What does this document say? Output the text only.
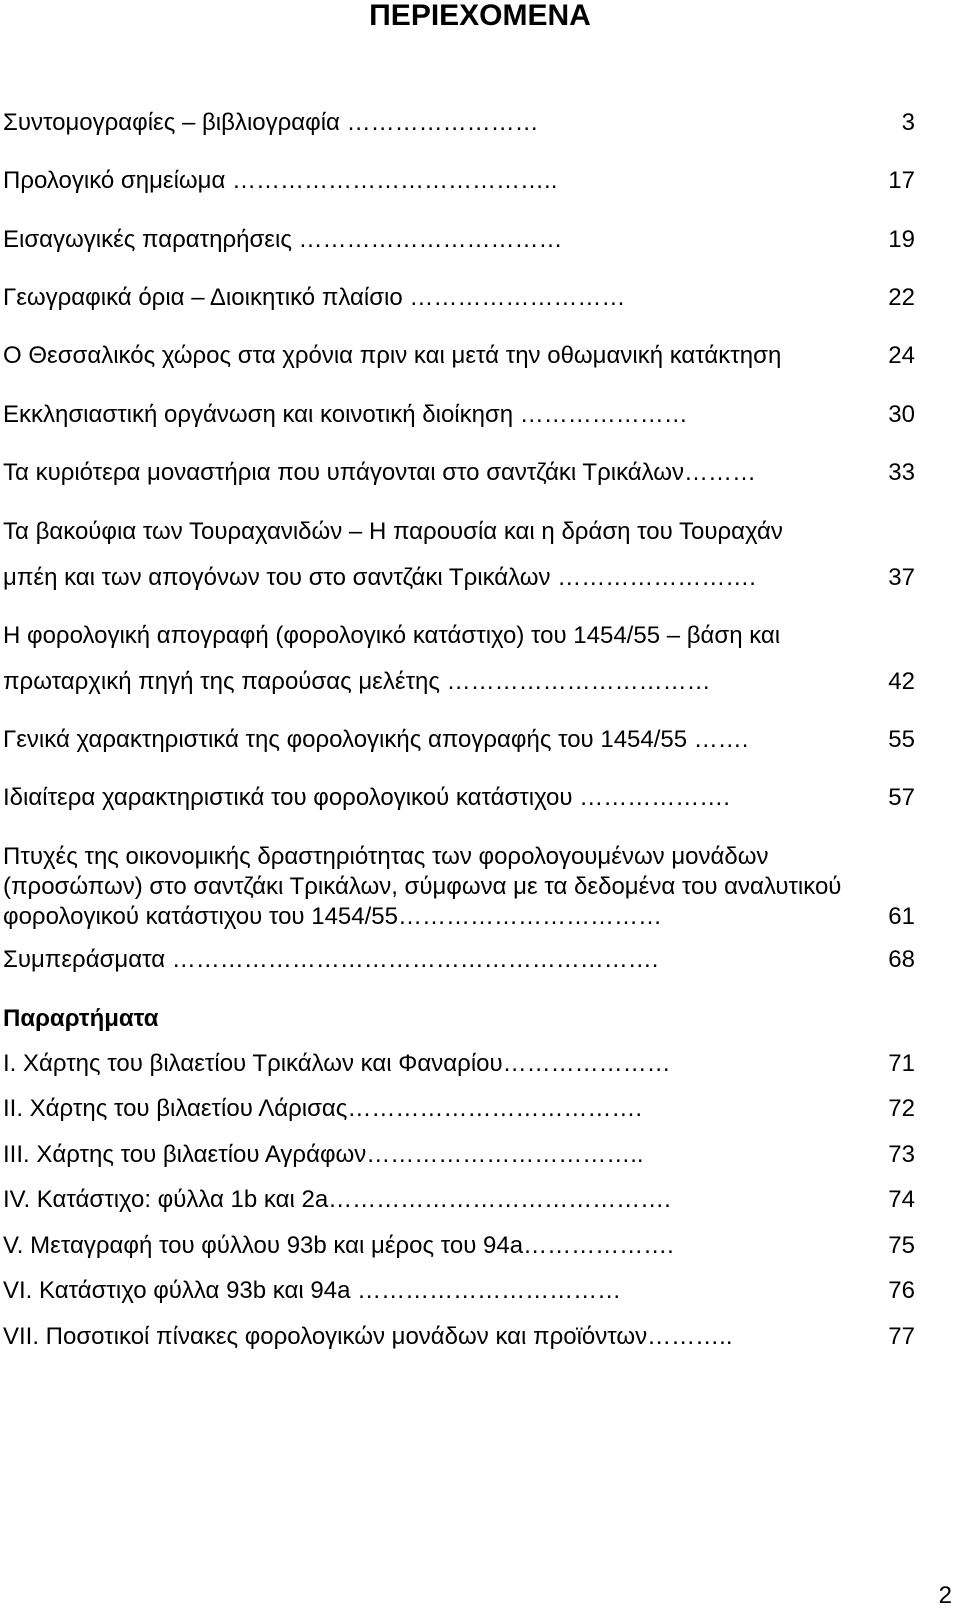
ΠΕΡΙΕΧΟΜΕΝΑ
Συντομογραφίες – βιβλιογραφία ……………………	3
Προλογικό σημείωμα …………………………………..	17
Εισαγωγικές παρατηρήσεις ……………………………	19
Γεωγραφικά όρια – Διοικητικό πλαίσιο ………………………	22
Ο Θεσσαλικός χώρος στα χρόνια πριν και μετά την οθωμανική κατάκτηση	24
Εκκλησιαστική οργάνωση και κοινοτική διοίκηση …………………	30
Τα κυριότερα μοναστήρια που υπάγονται στο σαντζάκι Τρικάλων………	33
Τα βακούφια των Τουραχανιδών – Η παρουσία και η δράση του Τουραχάν
μπέη και των απογόνων του στο σαντζάκι Τρικάλων …………………….	37
Η φορολογική απογραφή (φορολογικό κατάστιχο) του 1454/55 – βάση και
πρωταρχική πηγή της παρούσας μελέτης ……………………………	42
Γενικά χαρακτηριστικά της φορολογικής απογραφής του 1454/55 …….	55
Ιδιαίτερα χαρακτηριστικά του φορολογικού κατάστιχου ……………….	57
Πτυχές της οικονομικής δραστηριότητας των φορολογουμένων μονάδων
(προσώπων) στο σαντζάκι Τρικάλων, σύμφωνα με τα δεδομένα του αναλυτικού
φορολογικού κατάστιχου του 1454/55……………………………	61
Συμπεράσματα …………………………………………………….	68
Παραρτήματα
Ι. Χάρτης του βιλαετίου Τρικάλων και Φαναρίου…………………	71
ΙΙ. Χάρτης του βιλαετίου Λάρισας……………………………….	72
ΙΙΙ. Χάρτης του βιλαετίου Αγράφων……………………………..	73
IV. Κατάστιχο: φύλλα 1b και 2a…………………………………….	74
V. Μεταγραφή του φύλλου 93b και μέρος του 94a……………….	75
VI. Κατάστιχο φύλλα 93b και 94a ……………………………	76
VII. Ποσοτικοί πίνακες φορολογικών μονάδων και προϊόντων………..	77
2
